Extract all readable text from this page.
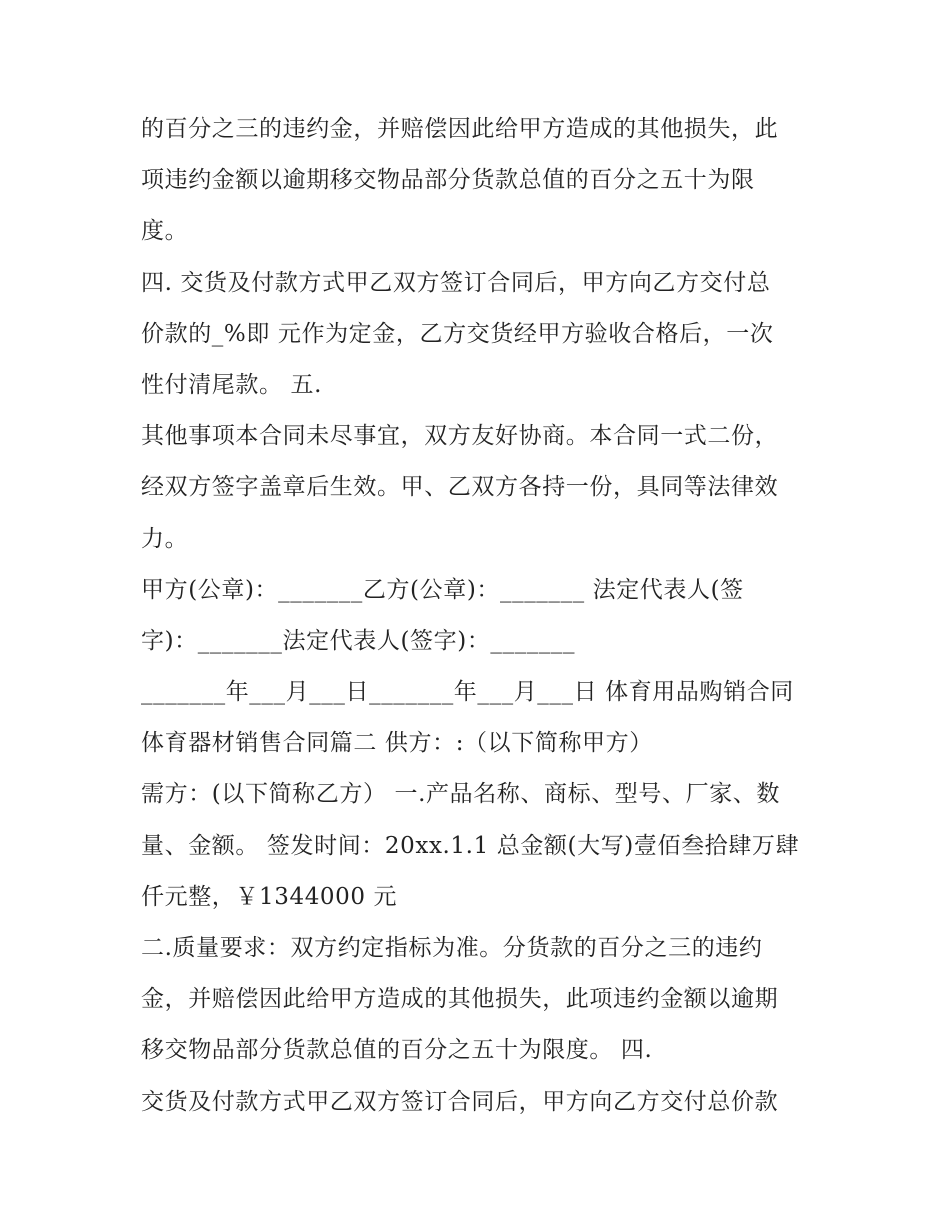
的百分之三的违约金，并赔偿因此给甲方造成的其他损失，此
项违约金额以逾期移交物品部分货款总值的百分之五十为限
度。
四. 交货及付款方式甲乙双方签订合同后，甲方向乙方交付总
价款的_%即 元作为定金，乙方交货经甲方验收合格后，一次
性付清尾款。 五.
其他事项本合同未尽事宜，双方友好协商。本合同一式二份，
经双方签字盖章后生效。甲、乙双方各持一份，具同等法律效
力。
甲方(公章)：_______乙方(公章)：_______ 法定代表人(签
字)：_______法定代表人(签字)：_______
_______年___月___日_______年___月___日 体育用品购销合同
体育器材销售合同篇二 供方：:（以下简称甲方）
需方：(以下简称乙方） 一.产品名称、商标、型号、厂家、数
量、金额。 签发时间：20xx.1.1 总金额(大写)壹佰叁拾肆万肆
仟元整，￥1344000 元
二.质量要求：双方约定指标为准。分货款的百分之三的违约
金，并赔偿因此给甲方造成的其他损失，此项违约金额以逾期
移交物品部分货款总值的百分之五十为限度。 四.
交货及付款方式甲乙双方签订合同后，甲方向乙方交付总价款
